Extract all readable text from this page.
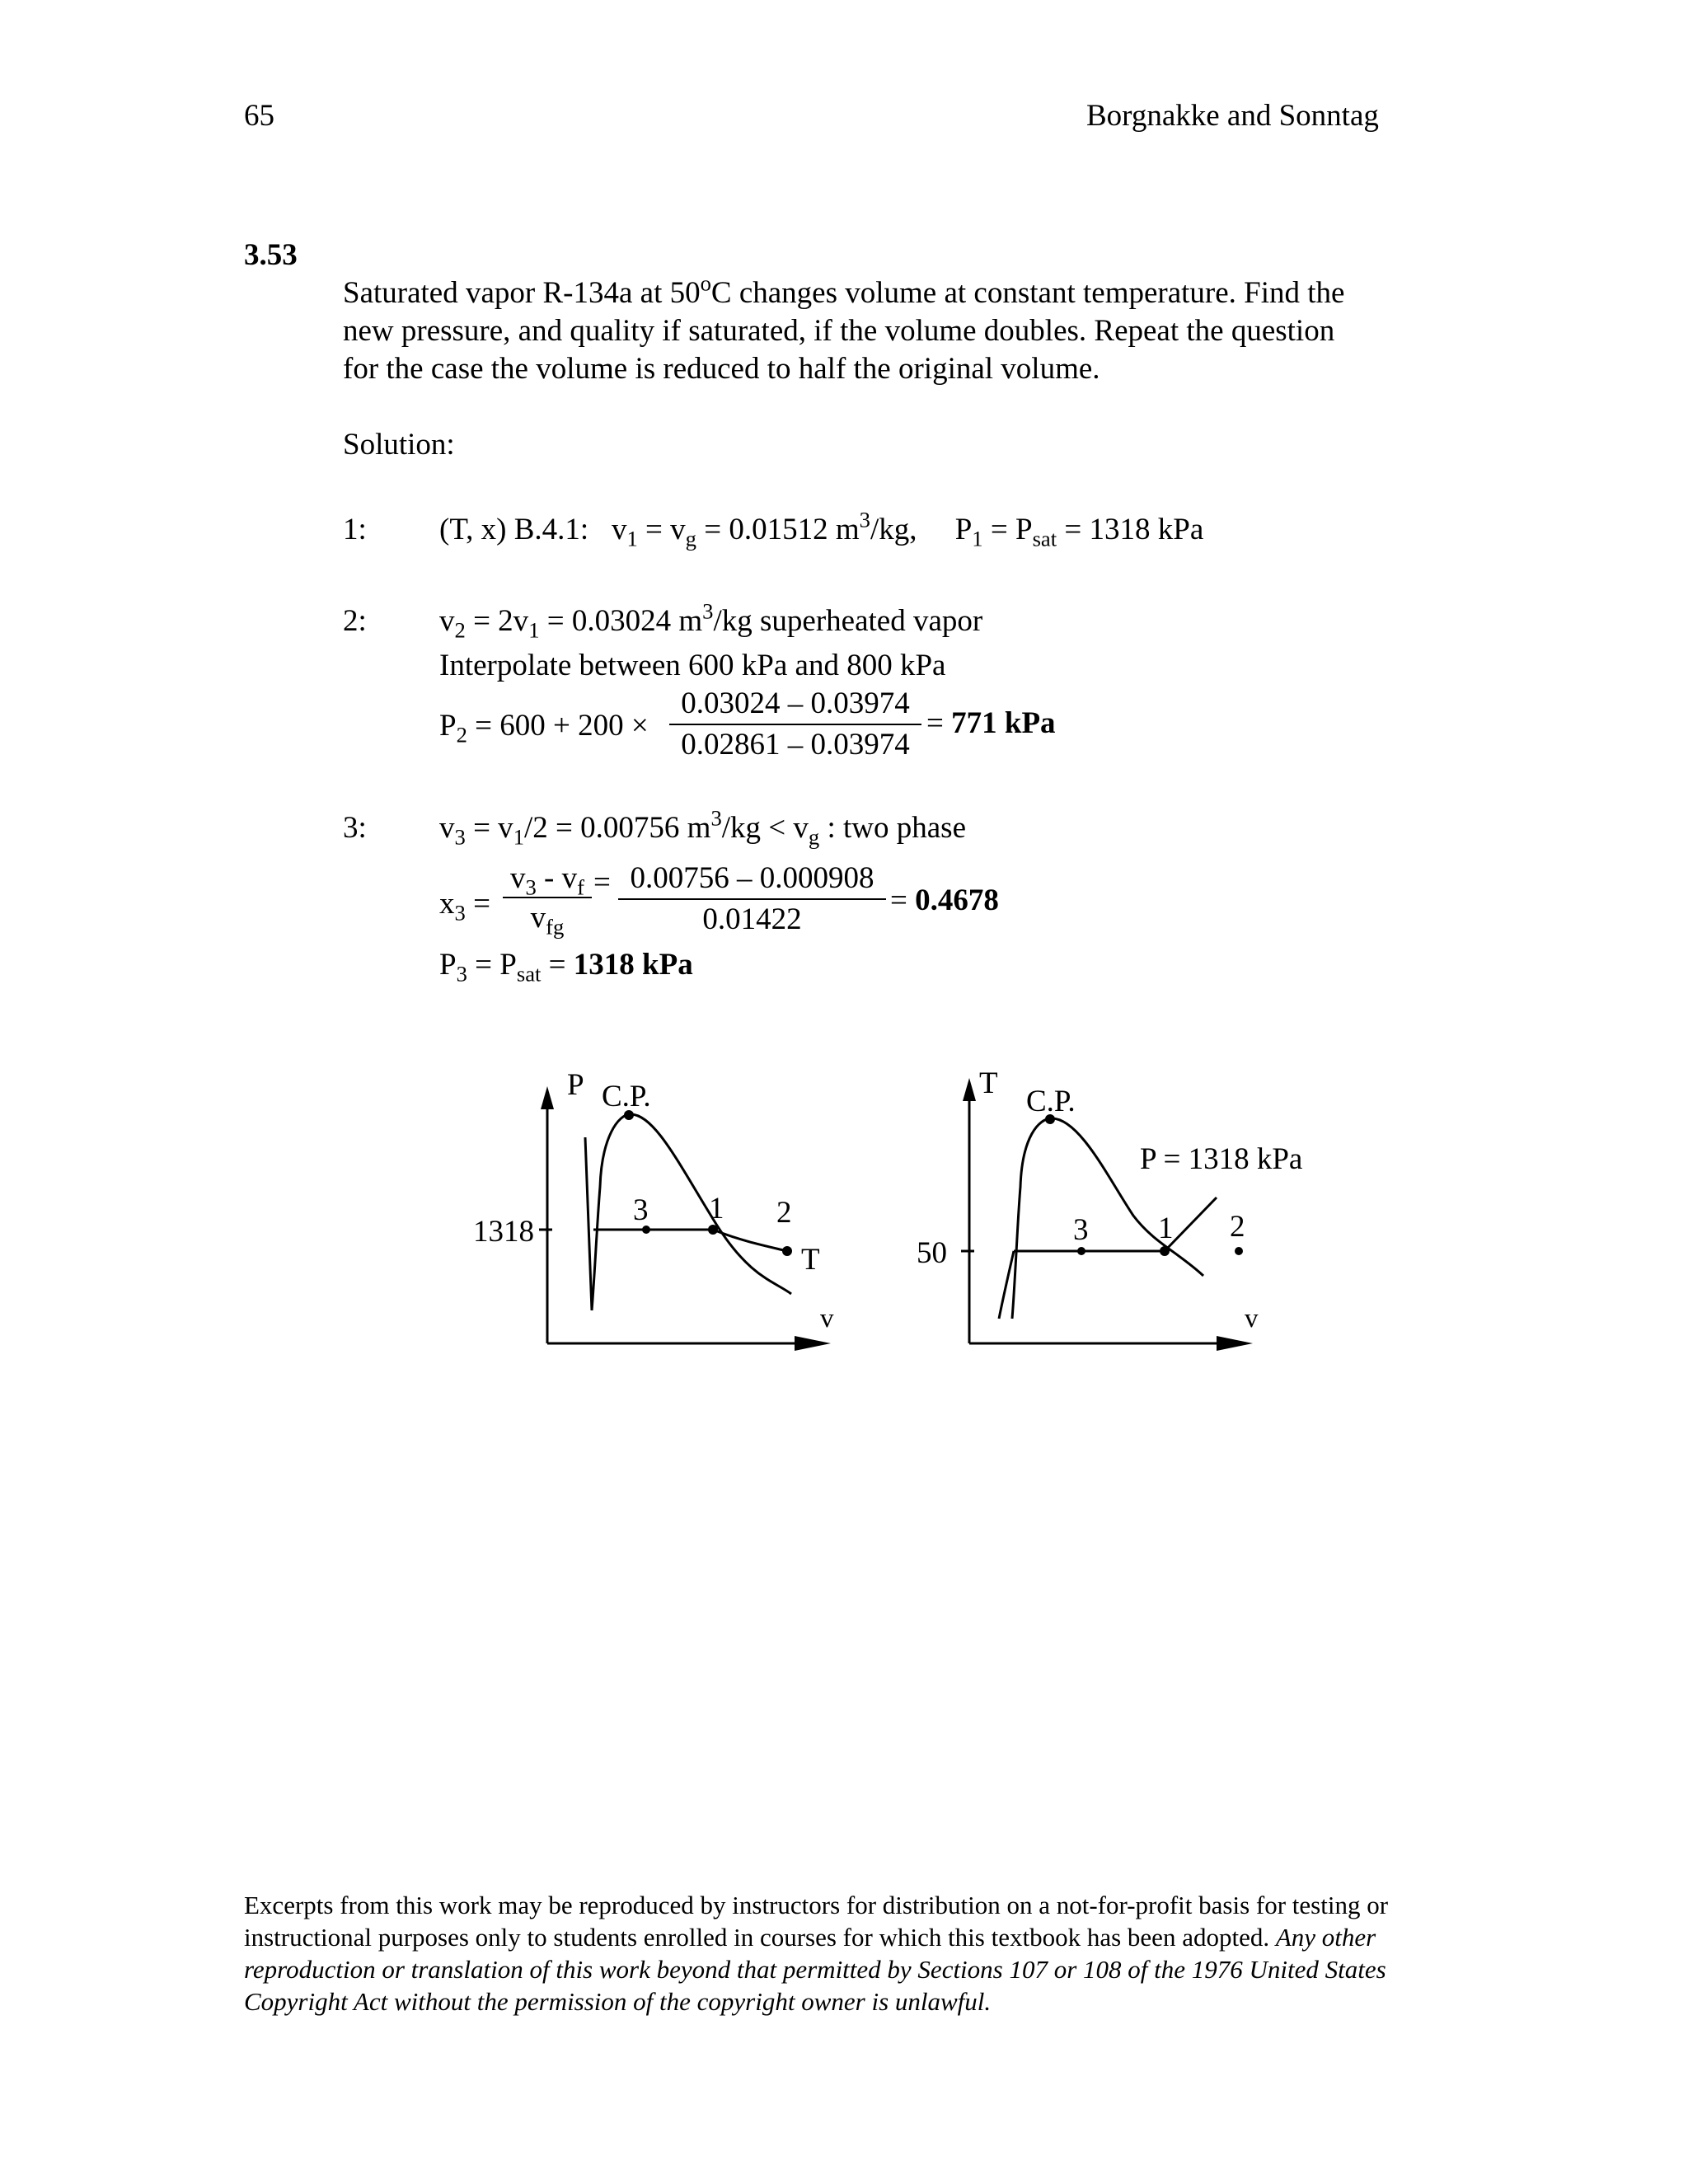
65	Borgnakke and Sonntag
3.53
Saturated vapor R-134a at 50$^o$C changes volume at constant temperature. Find the
new pressure, and quality if saturated, if the volume doubles. Repeat the question
for the case the volume is reduced to half the original volume.
Solution:
1: (T, x) B.4.1: $v_1 = v_g = 0.01512$ $m^3/kg$, $P_1 = P_{sat} = 1318$ kPa
2: $v_2 = 2v_1 = 0.03024$ $m^3/kg$ superheated vapor
Interpolate between 600 kPa and 800 kPa
$P_2 = 600 + 200 \times \frac{0.03024 - 0.03974}{0.02861 - 0.03974} = 771$ kPa
3: $v_3 = v_1/2 = 0.00756$ $m^3/kg < v_g$ : two phase
$x_3$ =
$v_3 - v_f$
$v_{fg}$
= $\frac{0.00756 - 0.000908}{0.01422} = 0.4678$
$P_3 = P_{sat} = 1318$ kPa
P C.P.
1318
3 1 2
T
v
T
C.P.
P = 1318 kPa
50
3 1 2
v
Excerpts from this work may be reproduced by instructors for distribution on a not-for-profit basis for testing or instructional purposes only to students enrolled in courses for which this textbook has been adopted. Any other reproduction or translation of this work beyond that permitted by Sections 107 or 108 of the 1976 United States Copyright Act without the permission of the copyright owner is unlawful.
